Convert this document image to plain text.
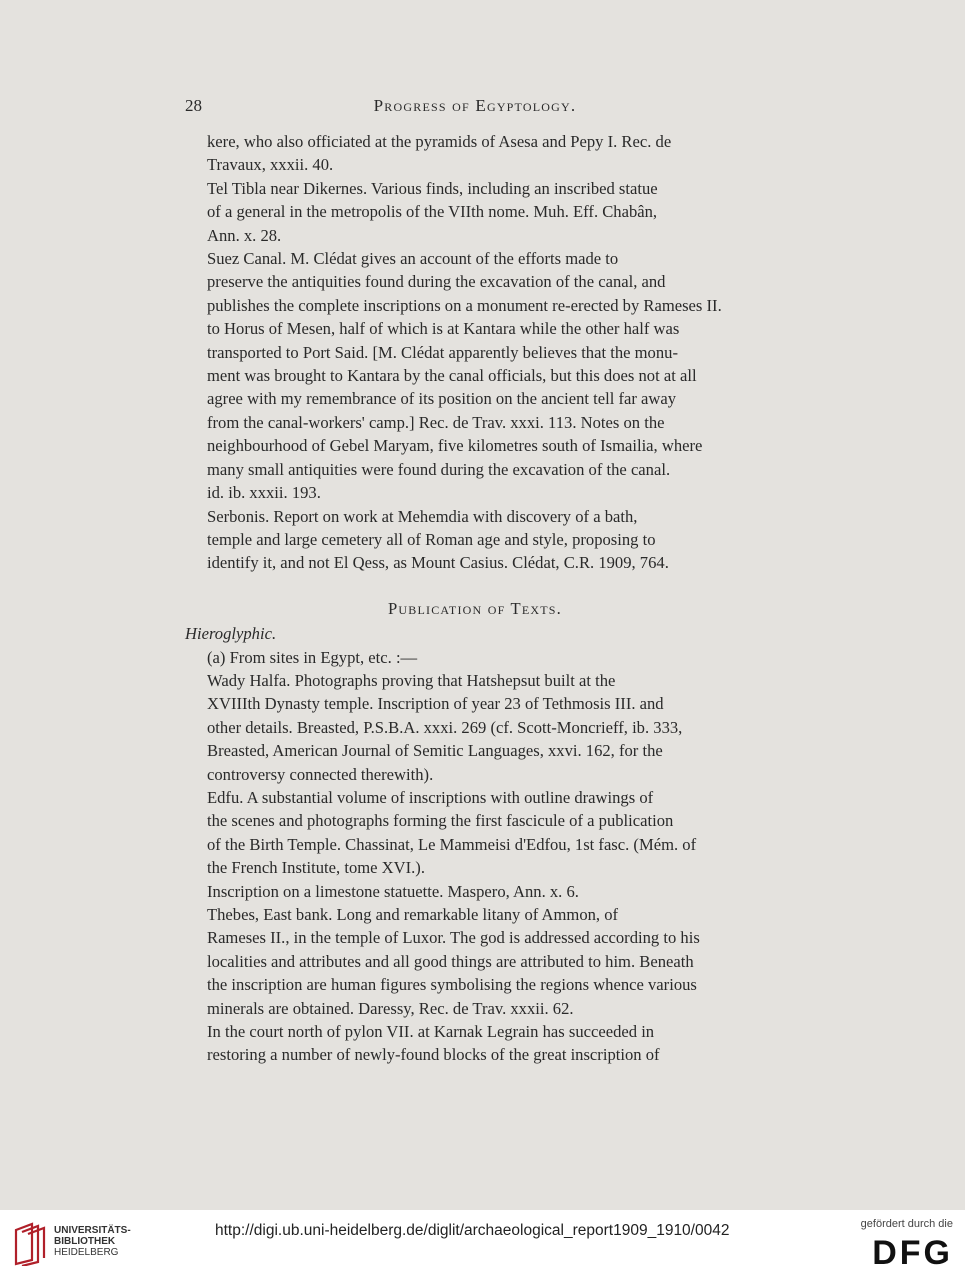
28	Progress of Egyptology.

kere, who also officiated at the pyramids of Asesa and Pepy I. Rec. de
Travaux, xxxii. 40.

Tel Tibla near Dikernes. Various finds, including an inscribed statue
of a general in the metropolis of the VIIth nome. Muh. Eff. Chabân,
Ann. x. 28.

Suez Canal. M. Clédat gives an account of the efforts made to
preserve the antiquities found during the excavation of the canal, and
publishes the complete inscriptions on a monument re-erected by Rameses II.
to Horus of Mesen, half of which is at Kantara while the other half was
transported to Port Said. [M. Clédat apparently believes that the monu-
ment was brought to Kantara by the canal officials, but this does not at all
agree with my remembrance of its position on the ancient tell far away
from the canal-workers' camp.] Rec. de Trav. xxxi. 113. Notes on the
neighbourhood of Gebel Maryam, five kilometres south of Ismailia, where
many small antiquities were found during the excavation of the canal.
id. ib. xxxii. 193.

Serbonis. Report on work at Mehemdia with discovery of a bath,
temple and large cemetery all of Roman age and style, proposing to
identify it, and not El Qess, as Mount Casius. Clédat, C.R. 1909, 764.

Publication of Texts.

Hieroglyphic.

(a) From sites in Egypt, etc. :—

Wady Halfa. Photographs proving that Hatshepsut built at the
XVIIIth Dynasty temple. Inscription of year 23 of Tethmosis III. and
other details. Breasted, P.S.B.A. xxxi. 269 (cf. Scott-Moncrieff, ib. 333,
Breasted, American Journal of Semitic Languages, xxvi. 162, for the
controversy connected therewith).

Edfu. A substantial volume of inscriptions with outline drawings of
the scenes and photographs forming the first fascicule of a publication
of the Birth Temple. Chassinat, Le Mammeisi d'Edfou, 1st fasc. (Mém. of
the French Institute, tome XVI.).

Inscription on a limestone statuette. Maspero, Ann. x. 6.

Thebes, East bank. Long and remarkable litany of Ammon, of
Rameses II., in the temple of Luxor. The god is addressed according to his
localities and attributes and all good things are attributed to him. Beneath
the inscription are human figures symbolising the regions whence various
minerals are obtained. Daressy, Rec. de Trav. xxxii. 62.

In the court north of pylon VII. at Karnak Legrain has succeeded in
restoring a number of newly-found blocks of the great inscription of

UNIVERSITÄTS-
BIBLIOTHEK
HEIDELBERG
http://digi.ub.uni-heidelberg.de/diglit/archaeological_report1909_1910/0042	gefördert durch die
DFG
